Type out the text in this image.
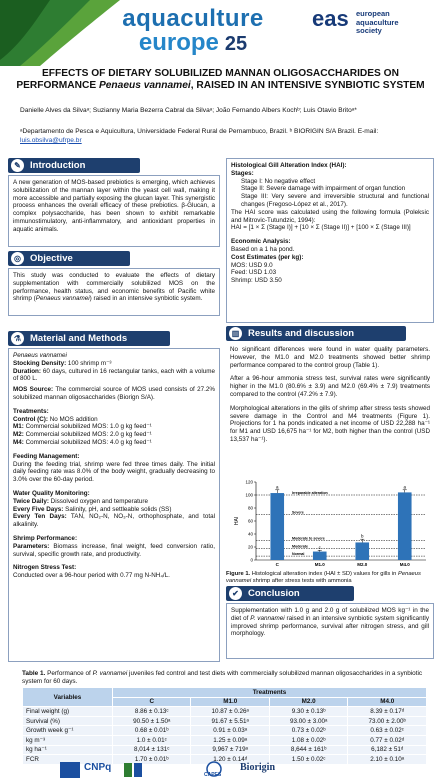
aquaculture
europe 25
eas european
aquaculture
society
EFFECTS OF DIETARY SOLUBILIZED MANNAN OLIGOSACCHARIDES ON PERFORMANCE Penaeus vannamei, RAISED IN AN INTENSIVE SYNBIOTIC SYSTEM
Danielle Alves da Silvaᵃ; Suzianny Maria Bezerra Cabral da Silvaᵃ; João Fernando Albers Kochᵇ; Luis Otavio Britoᵃ*
ᵃDepartamento de Pesca e Aquicultura, Universidade Federal Rural de Pernambuco, Brazil. ᵇ BIORIGIN S/A Brazil. E-mail: luis.obsilva@ufrpe.br
✎ Introduction

A new generation of MOS-based prebiotics is emerging, which achieves solubilization of the mannan layer within the yeast cell wall, making it more accessible and partially exposing the glucan layer. This synergistic process enhances the overall efficacy of these prebiotics. β-Glucan, a complex polysaccharide, has been shown to exhibit remarkable immunostimulatory, anti-inflammatory, and antioxidant properties in aquatic animals.

◎ Objective

This study was conducted to evaluate the effects of dietary supplementation with commercially solubilized MOS on the performance, health status, and economic benefits of Pacific white shrimp (Penaeus vannamei) raised in an intensive synbiotic system.

⚗ Material and Methods

Penaeus vannamei

Stocking Density: 100 shrimp m⁻³

Duration: 60 days, cultured in 16 rectangular tanks, each with a volume of 800 L.

MOS Source: The commercial source of MOS used consists of 27.2% solubilized mannan oligosaccharides (Biorign S/A).

Treatments:

Control (C): No MOS addition

M1: Commercial solubilized MOS: 1.0 g kg feed⁻¹

M2: Commercial solubilized MOS: 2.0 g kg feed⁻¹

M4: Commercial solubilized MOS: 4.0 g kg feed⁻¹

Feeding Management:

During the feeding trial, shrimp were fed three times daily. The initial daily feeding rate was 8.0% of the body weight, gradually decreasing to 3.0% over the 60-day period.

Water Quality Monitoring:

Twice Daily: Dissolved oxygen and temperature

Every Five Days: Salinity, pH, and settleable solids (SS)

Every Ten Days: TAN, NO₂-N, NO₃-N, orthophosphate, and total alkalinity.

Shrimp Performance:

Parameters: Biomass increase, final weight, feed conversion ratio, survival, specific growth rate, and productivity.

Nitrogen Stress Test:

Conducted over a 96-hour period with 0.77 mg N-NH₄/L.

Histological Gill Alteration Index (HAI):

Stages:

Stage I: No negative effect

Stage II: Severe damage with impairment of organ function

Stage III: Very severe and irreversible structural and functional changes (Fregoso-López et al., 2017).

The HAI score was calculated using the following formula (Poleksic and Mitrovic-Tutundzic, 1994):

HAI = [1 × Σ (Stage I)] + [10 × Σ (Stage II)] + [100 × Σ (Stage III)]

Economic Analysis:

Based on a 1 ha pond.

Cost Estimates (per kg):

MOS: USD 9.0

Feed: USD 1.03

Shrimp: USD 3.50

▥ Results and discussion

No significant differences were found in water quality parameters. However, the M1.0 and M2.0 treatments showed better shrimp performance compared to the control group (Table 1).

After a 96-hour ammonia stress test, survival rates were significantly higher in the M1.0 (80.6% ± 3.9) and M2.0 (69.4% ± 7.9) treatments compared to the control (47.2% ± 7.9).

Morphological alterations in the gills of shrimp after stress tests showed severe damage in the Control and M4 treatments (Figure 1). Projections for 1 ha ponds indicated a net income of USD 22,288 ha⁻¹ for M1 and USD 16,675 ha⁻¹ for M2, both higher than the control (USD 13,537 ha⁻¹).

HAI
0
20
40
60
80
100
120
Irreparable alteration
Severe
Moderate to severe
Moderate
Normal
a
C
c
M1.0
b
M2.0
a
M4.0
Figure 1. Histological alteration index (HAI ± SD) values for gills in Penaeus vannamei shrimp after stress tests with ammonia
✔ Conclusion

Supplementation with 1.0 g and 2.0 g of solubilized MOS kg⁻¹ in the diet of P. vannamei raised in an intensive synbiotic system significantly improved shrimp performance, survival after nitrogen stress, and gill morphology.

Table 1. Performance of P. vannamei juveniles fed control and test diets with commercially solubilized mannan oligosaccharides in a synbiotic system for 60 days.
Variables	Treatments			
	C	M1.0	M2.0	M4.0
Final weight (g)	8.86 ± 0.13ᶜ	10.87 ± 0.26ᵃ	9.30 ± 0.13ᵇ	8.39 ± 0.17ᵈ
Survival (%)	90.50 ± 1.50ᵃ	91.67 ± 5.51ᵃ	93.00 ± 3.00ᵃ	73.00 ± 2.00ᵇ
Growth week g⁻¹	0.68 ± 0.01ᵇ	0.91 ± 0.03ᵃ	0.73 ± 0.02ᵇ	0.63 ± 0.02ᶜ
kg m⁻³	1.0 ± 0.01ᶜ	1.25 ± 0.09ᵃ	1.08 ± 0.02ᵇ	0.77 ± 0.02ᵈ
kg ha⁻¹	8,014 ± 131ᶜ	9,967 ± 719ᵃ	8,644 ± 161ᵇ	6,182 ± 51ᵈ
FCR	1.70 ± 0.01ᵇ	1.20 ± 0.14ᵈ	1.50 ± 0.02ᶜ	2.10 ± 0.10ᵃ
CNPq
CAPES
Biorigin
